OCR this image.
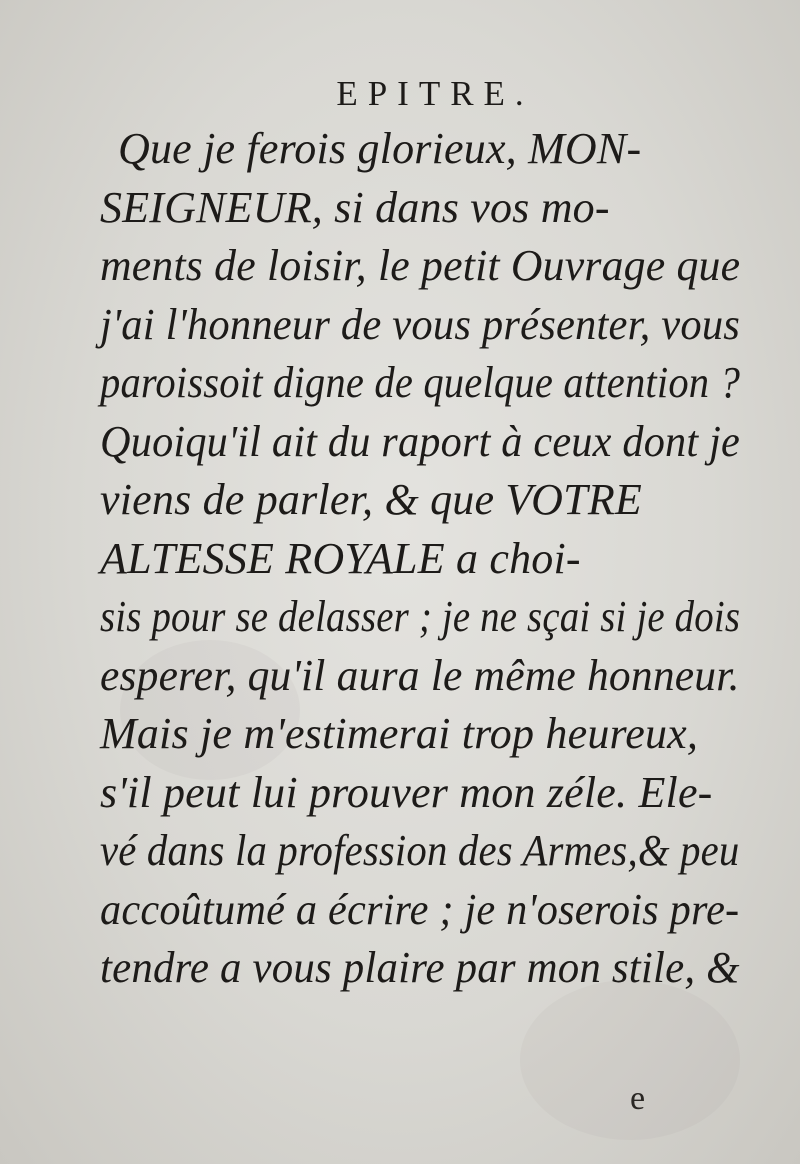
EPITRE.
Que je ferois glorieux, MON-
SEIGNEUR, si dans vos mo-
ments de loisir, le petit Ouvrage que
j'ai l'honneur de vous présenter, vous
paroissoit digne de quelque attention ?
Quoiqu'il ait du raport à ceux dont je
viens de parler, & que VOTRE
ALTESSE ROYALE a choi-
sis pour se delasser ; je ne sçai si je dois
esperer, qu'il aura le même honneur.
Mais je m'estimerai trop heureux,
s'il peut lui prouver mon zéle. Ele-
vé dans la profession des Armes,& peu
accoûtumé a écrire ; je n'oserois pre-
tendre a vous plaire par mon stile, &
e
